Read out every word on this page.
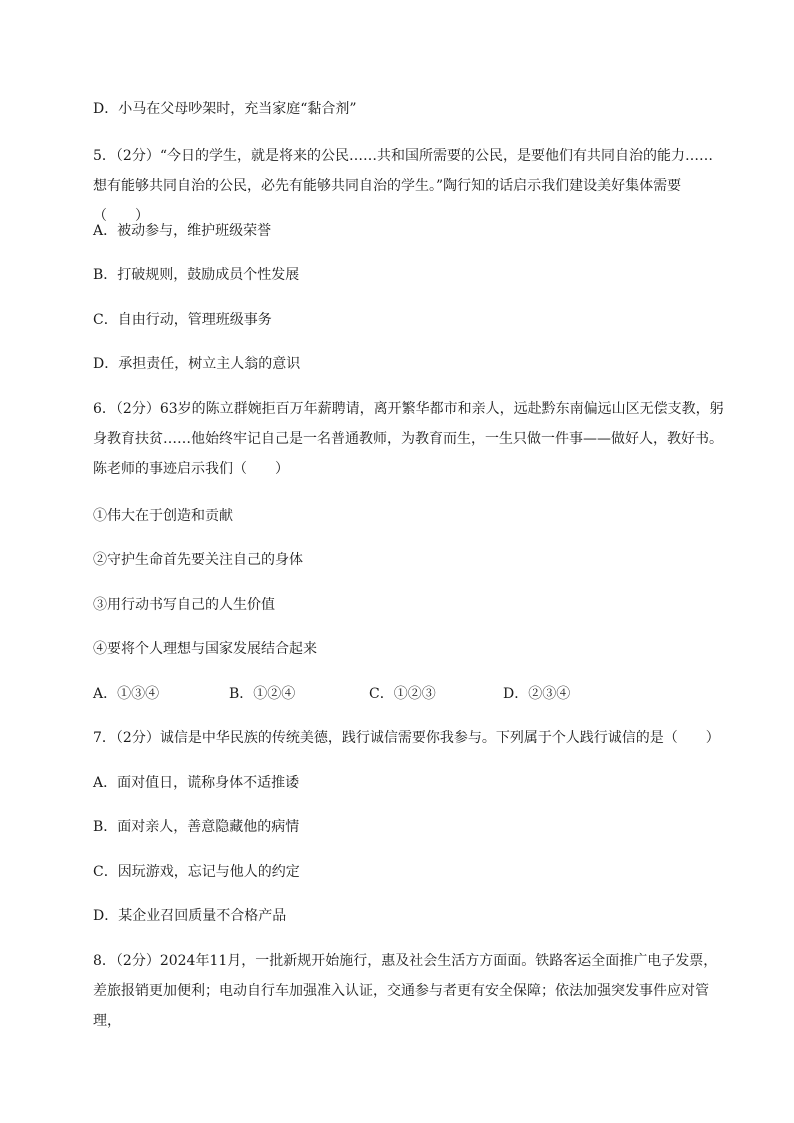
D．小马在父母吵架时，充当家庭“黏合剂”
5．（2分）“今日的学生，就是将来的公民……共和国所需要的公民，是要他们有共同自治的能力……想有能够共同自治的公民，必先有能够共同自治的学生。”陶行知的话启示我们建设美好集体需要（　　）
A．被动参与，维护班级荣誉
B．打破规则，鼓励成员个性发展
C．自由行动，管理班级事务
D．承担责任，树立主人翁的意识
6．（2分）63岁的陈立群婉拒百万年薪聘请，离开繁华都市和亲人，远赴黔东南偏远山区无偿支教，躬身教育扶贫……他始终牢记自己是一名普通教师，为教育而生，一生只做一件事——做好人，教好书。陈老师的事迹启示我们（　　）
①伟大在于创造和贡献
②守护生命首先要关注自己的身体
③用行动书写自己的人生价值
④要将个人理想与国家发展结合起来
A．①③④	B．①②④	C．①②③	D．②③④
7．（2分）诚信是中华民族的传统美德，践行诚信需要你我参与。下列属于个人践行诚信的是（　　）
A．面对值日，谎称身体不适推诿
B．面对亲人，善意隐藏他的病情
C．因玩游戏，忘记与他人的约定
D．某企业召回质量不合格产品
8．（2分）2024年11月，一批新规开始施行，惠及社会生活方方面面。铁路客运全面推广电子发票，差旅报销更加便利；电动自行车加强准入认证，交通参与者更有安全保障；依法加强突发事件应对管理，
